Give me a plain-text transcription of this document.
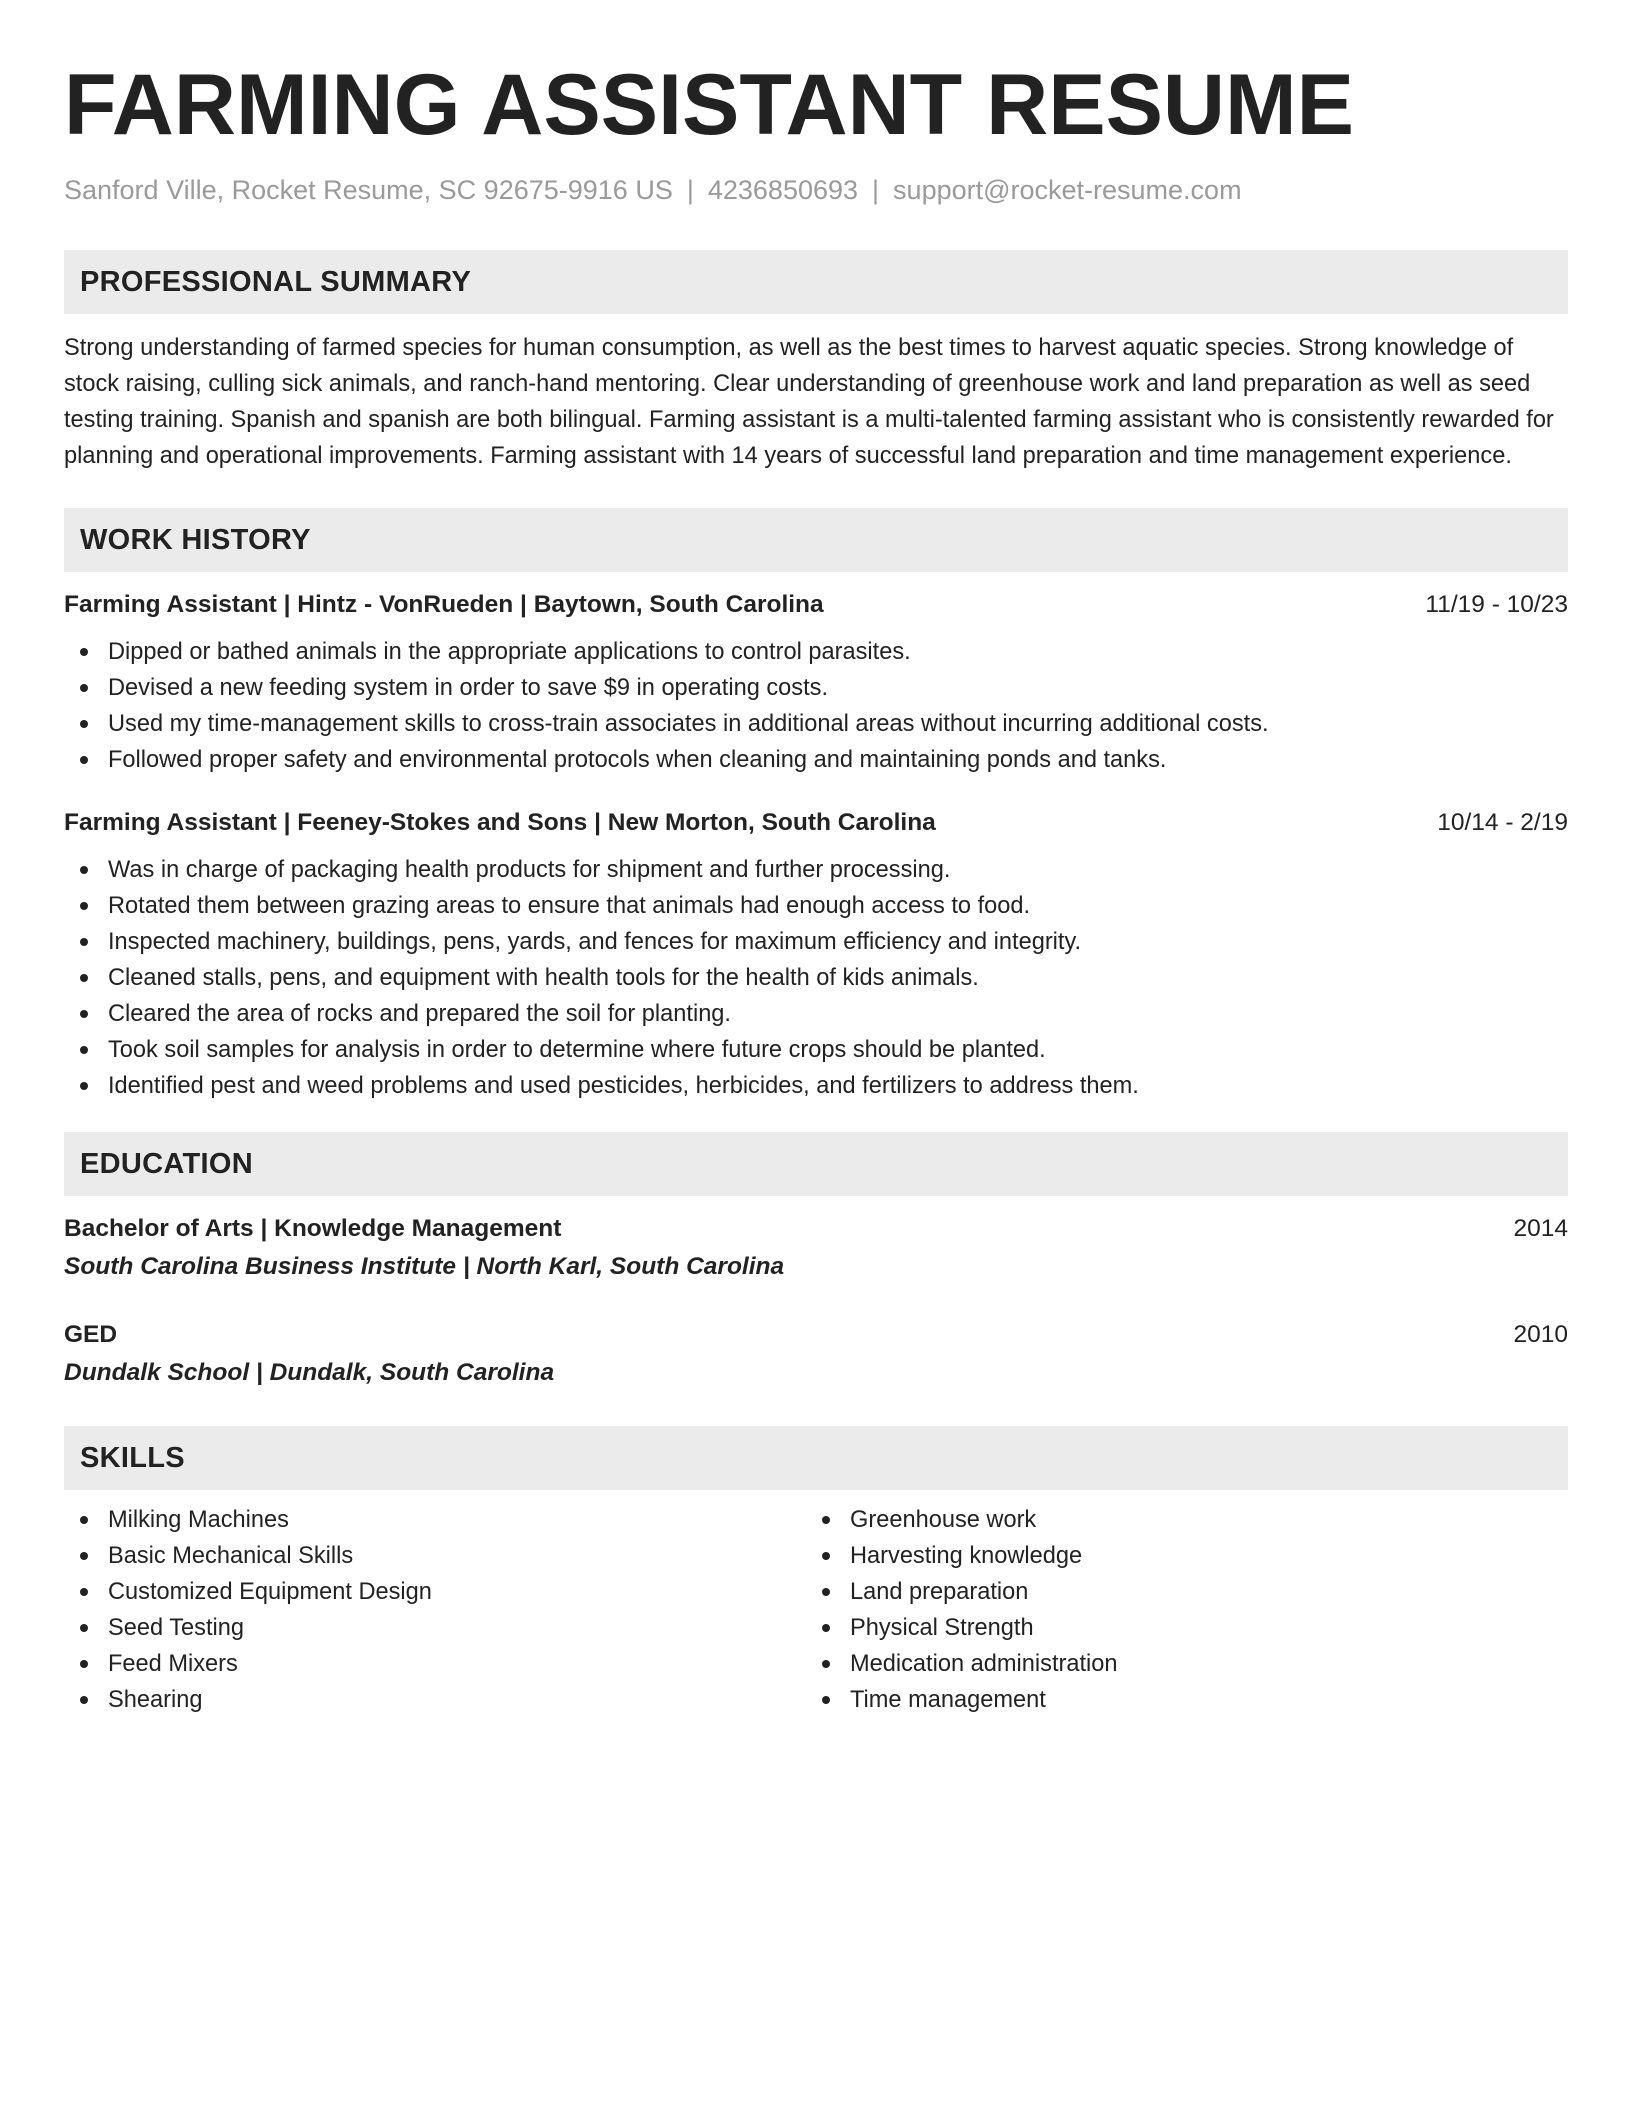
FARMING ASSISTANT RESUME
Sanford Ville, Rocket Resume, SC 92675-9916 US | 4236850693 | support@rocket-resume.com
PROFESSIONAL SUMMARY
Strong understanding of farmed species for human consumption, as well as the best times to harvest aquatic species. Strong knowledge of stock raising, culling sick animals, and ranch-hand mentoring. Clear understanding of greenhouse work and land preparation as well as seed testing training. Spanish and spanish are both bilingual. Farming assistant is a multi-talented farming assistant who is consistently rewarded for planning and operational improvements. Farming assistant with 14 years of successful land preparation and time management experience.
WORK HISTORY
Farming Assistant | Hintz - VonRueden | Baytown, South Carolina	11/19 - 10/23
Dipped or bathed animals in the appropriate applications to control parasites.
Devised a new feeding system in order to save $9 in operating costs.
Used my time-management skills to cross-train associates in additional areas without incurring additional costs.
Followed proper safety and environmental protocols when cleaning and maintaining ponds and tanks.
Farming Assistant | Feeney-Stokes and Sons | New Morton, South Carolina	10/14 - 2/19
Was in charge of packaging health products for shipment and further processing.
Rotated them between grazing areas to ensure that animals had enough access to food.
Inspected machinery, buildings, pens, yards, and fences for maximum efficiency and integrity.
Cleaned stalls, pens, and equipment with health tools for the health of kids animals.
Cleared the area of rocks and prepared the soil for planting.
Took soil samples for analysis in order to determine where future crops should be planted.
Identified pest and weed problems and used pesticides, herbicides, and fertilizers to address them.
EDUCATION
Bachelor of Arts | Knowledge Management	2014
South Carolina Business Institute | North Karl, South Carolina
GED	2010
Dundalk School | Dundalk, South Carolina
SKILLS
Milking Machines
Basic Mechanical Skills
Customized Equipment Design
Seed Testing
Feed Mixers
Shearing
Greenhouse work
Harvesting knowledge
Land preparation
Physical Strength
Medication administration
Time management
